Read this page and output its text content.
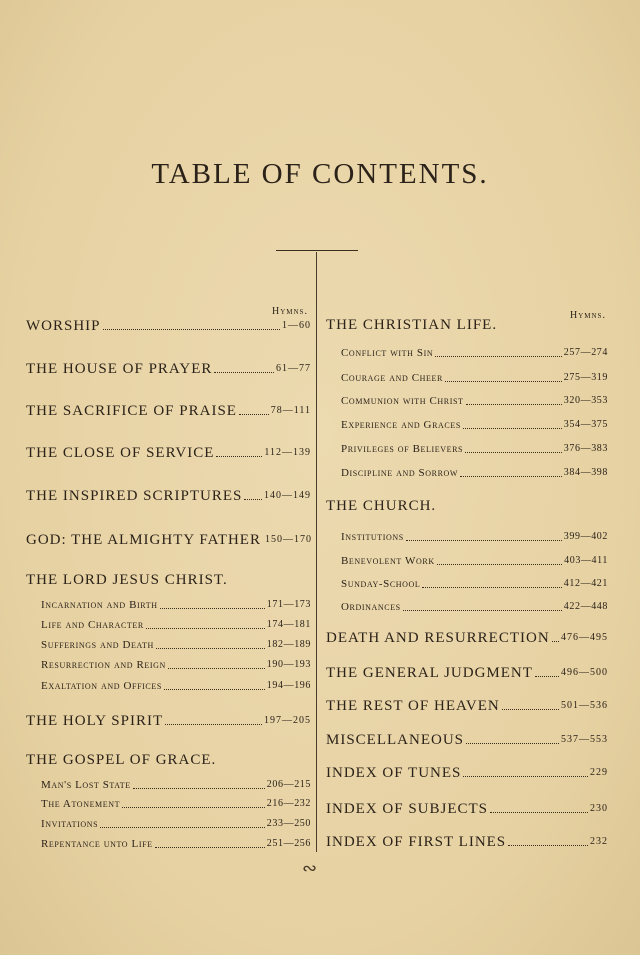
TABLE OF CONTENTS.
Hymns.
WORSHIP	1—60
THE HOUSE OF PRAYER	61—77
THE SACRIFICE OF PRAISE	78—111
THE CLOSE OF SERVICE	112—139
THE INSPIRED SCRIPTURES 140—149
GOD: THE ALMIGHTY FATHER 150—170
THE LORD JESUS CHRIST.
Incarnation and Birth	171—173
Life and Character	174—181
Sufferings and Death	182—189
Resurrection and Reign	190—193
Exaltation and Offices	194—196
THE HOLY SPIRIT	197—205
THE GOSPEL OF GRACE.
Man's Lost State	206—215
The Atonement	216—232
Invitations	233—250
Repentance unto Life	251—256
Hymns.
THE CHRISTIAN LIFE.
Conflict with Sin	257—274
Courage and Cheer	275—319
Communion with Christ	320—353
Experience and Graces	354—375
Privileges of Believers	376—383
Discipline and Sorrow	384—398
THE CHURCH.
Institutions	399—402
Benevolent Work	403—411
Sunday-School	412—421
Ordinances	422—448
DEATH AND RESURRECTION 476—495
THE GENERAL JUDGMENT	496—500
THE REST OF HEAVEN	501—536
MISCELLANEOUS	537—553
INDEX OF TUNES	229
INDEX OF SUBJECTS	230
INDEX OF FIRST LINES	232
∾
